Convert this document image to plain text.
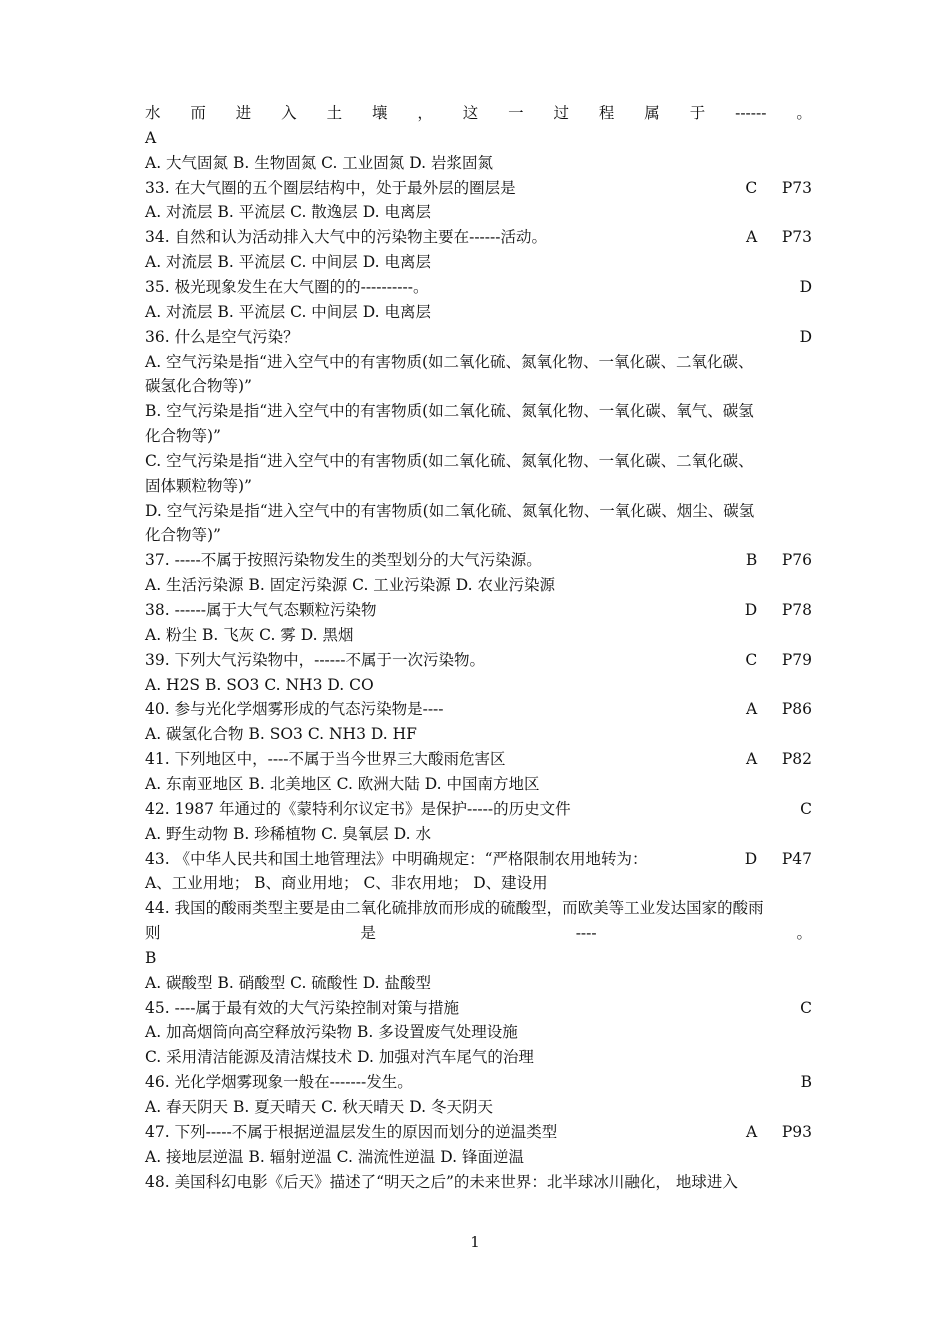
水 而 进 入 土 壤 ， 这 一 过 程 属 于 ------ 。
A
A. 大气固氮 B. 生物固氮 C. 工业固氮 D. 岩浆固氮
33. 在大气圈的五个圈层结构中，处于最外层的圈层是	C     P73
A. 对流层 B. 平流层 C. 散逸层 D. 电离层
34. 自然和认为活动排入大气中的污染物主要在------活动。	A     P73
A. 对流层 B. 平流层 C. 中间层 D. 电离层
35. 极光现象发生在大气圈的的----------。	D
A. 对流层 B. 平流层 C. 中间层 D. 电离层
36. 什么是空气污染？	D
A. 空气污染是指“进入空气中的有害物质(如二氧化硫、氮氧化物、一氧化碳、二氧化碳、
碳氢化合物等)”
B. 空气污染是指“进入空气中的有害物质(如二氧化硫、氮氧化物、一氧化碳、氧气、碳氢
化合物等)”
C. 空气污染是指“进入空气中的有害物质(如二氧化硫、氮氧化物、一氧化碳、二氧化碳、
固体颗粒物等)”
D. 空气污染是指“进入空气中的有害物质(如二氧化硫、氮氧化物、一氧化碳、烟尘、碳氢
化合物等)”
37. -----不属于按照污染物发生的类型划分的大气污染源。	B     P76
A. 生活污染源 B. 固定污染源 C. 工业污染源 D. 农业污染源
38. ------属于大气气态颗粒污染物	D     P78
A. 粉尘 B. 飞灰 C. 雾 D. 黑烟
39. 下列大气污染物中，------不属于一次污染物。	C     P79
A. H2S B. SO3 C. NH3 D. CO
40. 参与光化学烟雾形成的气态污染物是----	A     P86
A. 碳氢化合物 B. SO3 C. NH3 D. HF
41. 下列地区中，----不属于当今世界三大酸雨危害区	A     P82
A. 东南亚地区 B. 北美地区 C. 欧洲大陆 D. 中国南方地区
42. 1987 年通过的《蒙特利尔议定书》是保护-----的历史文件	C
A. 野生动物 B. 珍稀植物 C. 臭氧层 D. 水
43. 《中华人民共和国土地管理法》中明确规定：“严格限制农用地转为：	D     P47
A、工业用地； B、商业用地； C、非农用地； D、建设用
44. 我国的酸雨类型主要是由二氧化硫排放而形成的硫酸型，而欧美等工业发达国家的酸雨
则	是	----	。
B
A. 碳酸型 B. 硝酸型 C. 硫酸性 D. 盐酸型
45. ----属于最有效的大气污染控制对策与措施	C
A. 加高烟筒向高空释放污染物 B. 多设置废气处理设施
C. 采用清洁能源及清洁煤技术 D. 加强对汽车尾气的治理
46. 光化学烟雾现象一般在-------发生。	B
A. 春天阴天 B. 夏天晴天 C. 秋天晴天 D. 冬天阴天
47. 下列-----不属于根据逆温层发生的原因而划分的逆温类型	A     P93
A. 接地层逆温 B. 辐射逆温 C. 湍流性逆温 D. 锋面逆温
48. 美国科幻电影《后天》描述了“明天之后”的未来世界：北半球冰川融化， 地球进入
1
